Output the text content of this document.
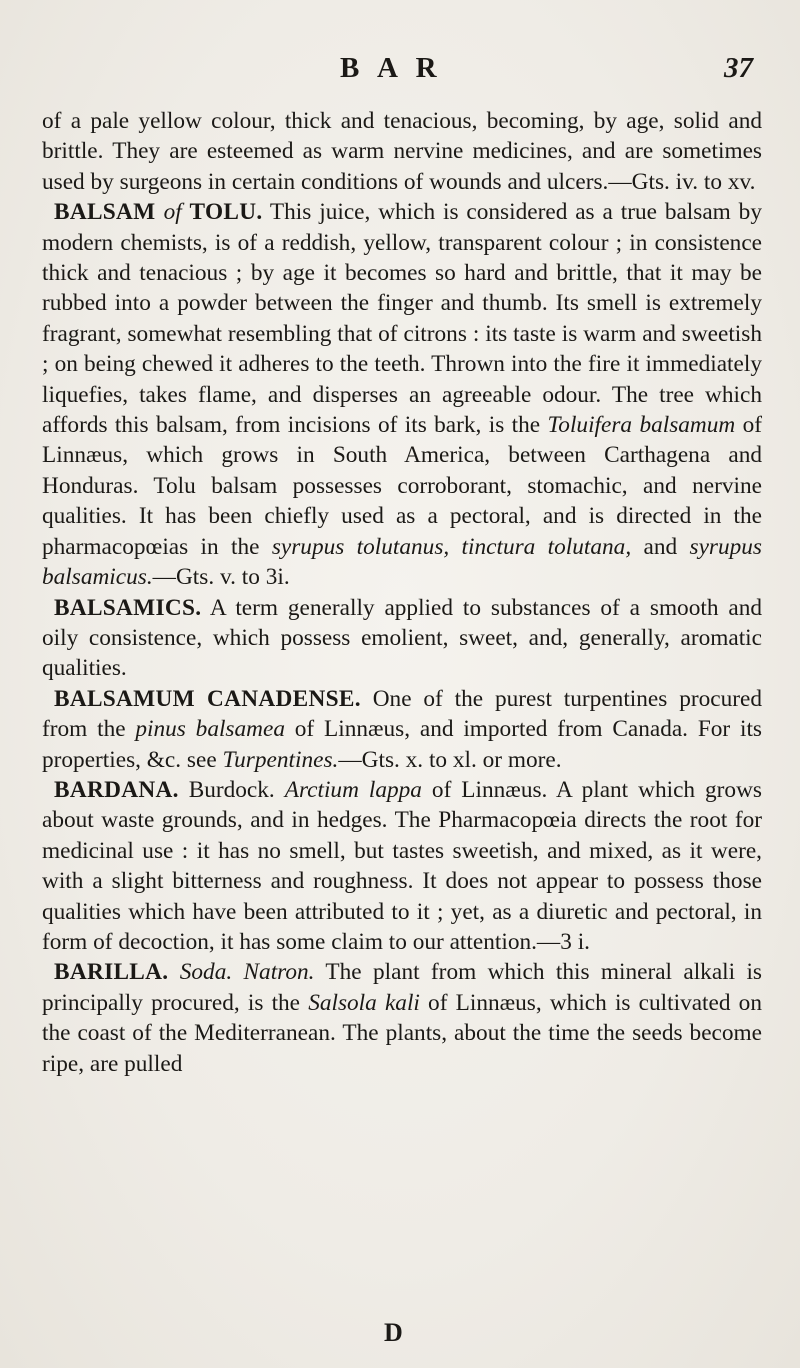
B A R	37

of a pale yellow colour, thick and tenacious, becoming, by age, solid and brittle. They are esteemed as warm nervine medicines, and are sometimes used by surgeons in certain conditions of wounds and ulcers.—Gts. iv. to xv.

BALSAM of TOLU. This juice, which is considered as a true balsam by modern chemists, is of a reddish, yellow, transparent colour ; in consistence thick and tenacious ; by age it becomes so hard and brittle, that it may be rubbed into a powder between the finger and thumb. Its smell is extremely fragrant, somewhat resembling that of citrons : its taste is warm and sweetish ; on being chewed it adheres to the teeth. Thrown into the fire it immediately liquefies, takes flame, and disperses an agreeable odour. The tree which affords this balsam, from incisions of its bark, is the Toluifera balsamum of Linnæus, which grows in South America, between Carthagena and Honduras. Tolu balsam possesses corroborant, stomachic, and nervine qualities. It has been chiefly used as a pectoral, and is directed in the pharmacopœias in the syrupus tolutanus, tinctura tolutana, and syrupus balsamicus.—Gts. v. to 3i.

BALSAMICS. A term generally applied to substances of a smooth and oily consistence, which possess emolient, sweet, and, generally, aromatic qualities.

BALSAMUM CANADENSE. One of the purest turpentines procured from the pinus balsamea of Linnæus, and imported from Canada. For its properties, &c. see Turpentines.—Gts. x. to xl. or more.

BARDANA. Burdock. Arctium lappa of Linnæus. A plant which grows about waste grounds, and in hedges. The Pharmacopœia directs the root for medicinal use : it has no smell, but tastes sweetish, and mixed, as it were, with a slight bitterness and roughness. It does not appear to possess those qualities which have been attributed to it ; yet, as a diuretic and pectoral, in form of decoction, it has some claim to our attention.—3 i.

BARILLA. Soda. Natron. The plant from which this mineral alkali is principally procured, is the Salsola kali of Linnæus, which is cultivated on the coast of the Mediterranean. The plants, about the time the seeds become ripe, are pulled

D
